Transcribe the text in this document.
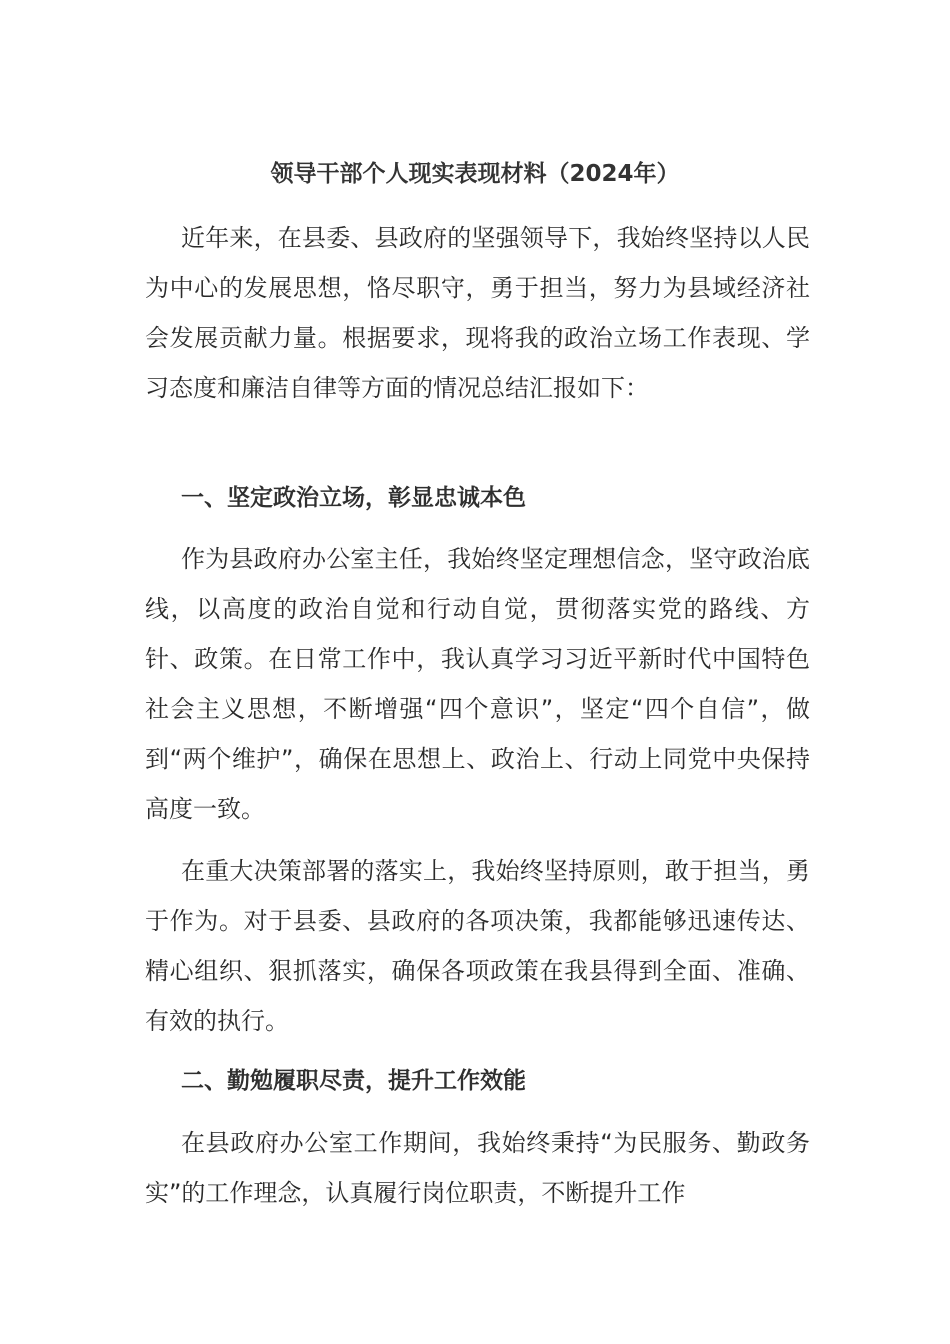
领导干部个人现实表现材料（2024年）

近年来，在县委、县政府的坚强领导下，我始终坚持以人民为中心的发展思想，恪尽职守，勇于担当，努力为县域经济社会发展贡献力量。根据要求，现将我的政治立场工作表现、学习态度和廉洁自律等方面的情况总结汇报如下：

一、坚定政治立场，彰显忠诚本色

作为县政府办公室主任，我始终坚定理想信念，坚守政治底线，以高度的政治自觉和行动自觉，贯彻落实党的路线、方针、政策。在日常工作中，我认真学习习近平新时代中国特色社会主义思想，不断增强“四个意识”，坚定“四个自信”，做到“两个维护”，确保在思想上、政治上、行动上同党中央保持高度一致。

在重大决策部署的落实上，我始终坚持原则，敢于担当，勇于作为。对于县委、县政府的各项决策，我都能够迅速传达、精心组织、狠抓落实，确保各项政策在我县得到全面、准确、有效的执行。

二、勤勉履职尽责，提升工作效能

在县政府办公室工作期间，我始终秉持“为民服务、勤政务实”的工作理念，认真履行岗位职责，不断提升工作
